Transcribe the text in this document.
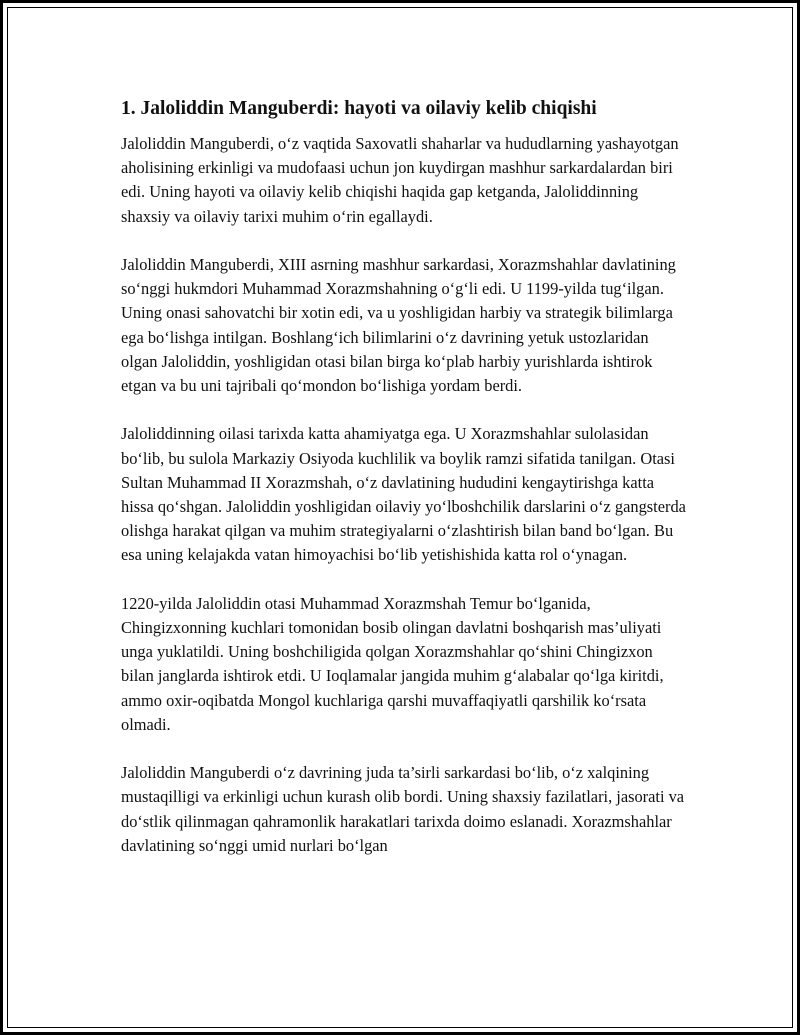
1. Jaloliddin Manguberdi: hayoti va oilaviy kelib chiqishi

Jaloliddin Manguberdi, o‘z vaqtida Saxovatli shaharlar va hududlarning yashayotgan aholisining erkinligi va mudofaasi uchun jon kuydirgan mashhur sarkardalardan biri edi. Uning hayoti va oilaviy kelib chiqishi haqida gap ketganda, Jaloliddinning shaxsiy va oilaviy tarixi muhim o‘rin egallaydi.

Jaloliddin Manguberdi, XIII asrning mashhur sarkardasi, Xorazmshahlar davlatining so‘nggi hukmdori Muhammad Xorazmshahning o‘g‘li edi. U 1199-yilda tug‘ilgan. Uning onasi sahovatchi bir xotin edi, va u yoshligidan harbiy va strategik bilimlarga ega bo‘lishga intilgan. Boshlang‘ich bilimlarini o‘z davrining yetuk ustozlaridan olgan Jaloliddin, yoshligidan otasi bilan birga ko‘plab harbiy yurishlarda ishtirok etgan va bu uni tajribali qo‘mondon bo‘lishiga yordam berdi.

Jaloliddinning oilasi tarixda katta ahamiyatga ega. U Xorazmshahlar sulolasidan bo‘lib, bu sulola Markaziy Osiyoda kuchlilik va boylik ramzi sifatida tanilgan. Otasi Sultan Muhammad II Xorazmshah, o‘z davlatining hududini kengaytirishga katta hissa qo‘shgan. Jaloliddin yoshligidan oilaviy yo‘lboshchilik darslarini o‘z gangsterda olishga harakat qilgan va muhim strategiyalarni o‘zlashtirish bilan band bo‘lgan. Bu esa uning kelajakda vatan himoyachisi bo‘lib yetishishida katta rol o‘ynagan.

1220-yilda Jaloliddin otasi Muhammad Xorazmshah Temur bo‘lganida, Chingizxonning kuchlari tomonidan bosib olingan davlatni boshqarish mas’uliyati unga yuklatildi. Uning boshchiligida qolgan Xorazmshahlar qo‘shini Chingizxon bilan janglarda ishtirok etdi. U Ioqlamalar jangida muhim g‘alabalar qo‘lga kiritdi, ammo oxir-oqibatda Mongol kuchlariga qarshi muvaffaqiyatli qarshilik ko‘rsata olmadi.

Jaloliddin Manguberdi o‘z davrining juda ta’sirli sarkardasi bo‘lib, o‘z xalqining mustaqilligi va erkinligi uchun kurash olib bordi. Uning shaxsiy fazilatlari, jasorati va do‘stlik qilinmagan qahramonlik harakatlari tarixda doimo eslanadi. Xorazmshahlar davlatining so‘nggi umid nurlari bo‘lgan
